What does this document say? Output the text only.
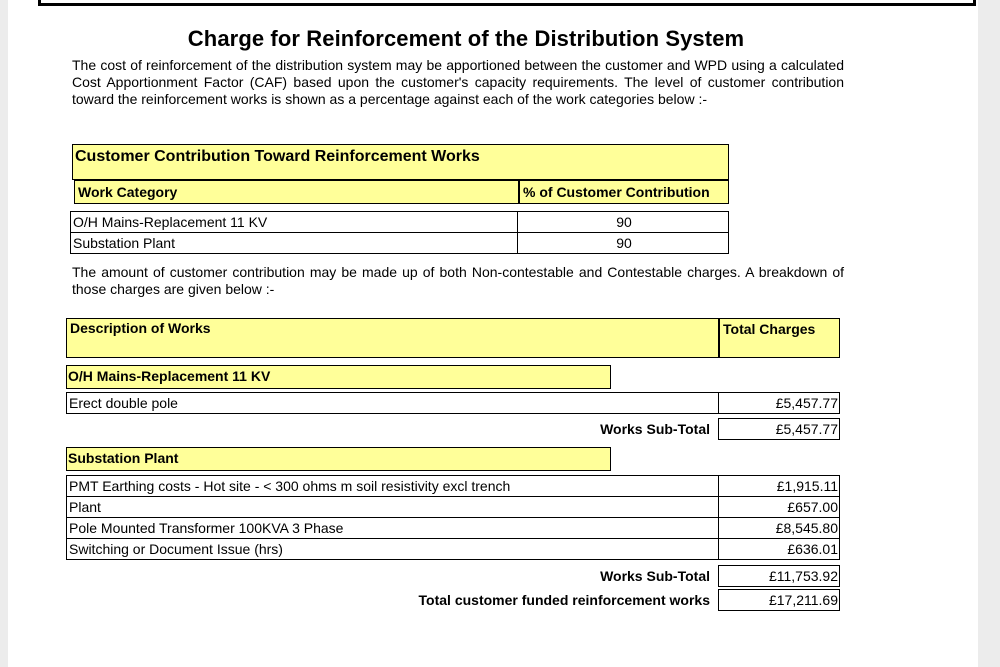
Charge for Reinforcement of the Distribution System
The cost of reinforcement of the distribution system may be apportioned between the customer and WPD using a calculated Cost Apportionment Factor (CAF) based upon the customer's capacity requirements. The level of customer contribution toward the reinforcement works is shown as a percentage against each of the work categories below :-
Customer Contribution Toward Reinforcement Works
Work Category	% of Customer Contribution
O/H Mains-Replacement 11 KV	90
Substation Plant	90
The amount of customer contribution may be made up of both Non-contestable and Contestable charges. A breakdown of those charges are given below :-
Description of Works	Total Charges
O/H Mains-Replacement 11 KV
Erect double pole	£5,457.77
Works Sub-Total	£5,457.77
Substation Plant
PMT Earthing costs - Hot site - < 300 ohms m soil resistivity excl trench	£1,915.11
Plant	£657.00
Pole Mounted Transformer 100KVA 3 Phase	£8,545.80
Switching or Document Issue (hrs)	£636.01
Works Sub-Total	£11,753.92
Total customer funded reinforcement works	£17,211.69
